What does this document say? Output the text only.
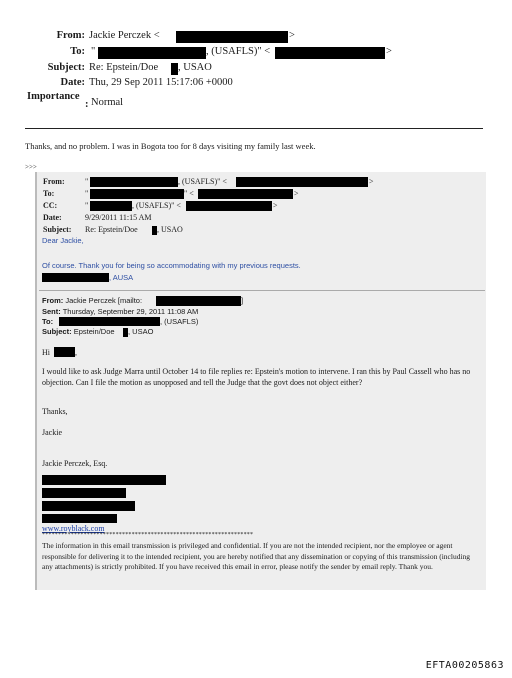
From: Jackie Perczek <	>
To: "	, (USAFLS)" <	>
Subject: Re: Epstein/Doe , USAO
Date: Thu, 29 Sep 2011 15:17:06 +0000
Importance
: Normal
Thanks, and no problem. I was in Bogota too for 8 days visiting my family last week.
>>>
From:	"	, (USAFLS)" <	>
To:	"	" <	>
CC:	"	, (USAFLS)" <	>
Date:	9/29/2011 11:15 AM
Subject: Re: Epstein/Doe , USAO
Dear Jackie,
Of course. Thank you for being so accommodating with my previous requests.
, AUSA
From: Jackie Perczek [mailto:	]
Sent: Thursday, September 29, 2011 11:08 AM
To:	, (USAFLS)
Subject: Epstein/Doe , USAO
Hi	,
I would like to ask Judge Marra until October 14 to file replies re: Epstein's motion to intervene. I ran this by Paul Cassell who has no objection. Can I file the motion as unopposed and tell the Judge that the govt does not object either?
Thanks,
Jackie
Jackie Perczek, Esq.
www.royblack.com
******************************************************************
The information in this email transmission is privileged and confidential. If you are not the intended recipient, nor the employee or agent responsible for delivering it to the intended recipient, you are hereby notified that any dissemination or copying of this transmission (including any attachments) is strictly prohibited. If you have received this email in error, please notify the sender by email reply. Thank you.
EFTA00205863
